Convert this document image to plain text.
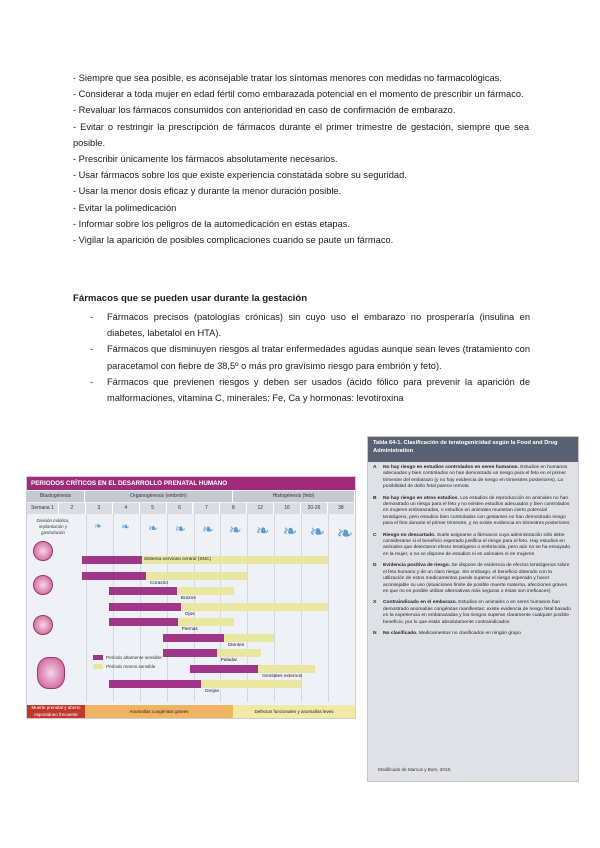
- Siempre que sea posible, es aconsejable tratar los síntomas menores con medidas no farmacológicas.

- Considerar a toda mujer en edad fértil como embarazada potencial en el momento de prescribir un fármaco.

- Revaluar los fármacos consumidos con anterioridad en caso de confirmación de embarazo.

- Evitar o restringir la prescripción de fármacos durante el primer trimestre de gestación, siempre que sea posible.

- Prescribir únicamente los fármacos absolutamente necesarios.

- Usar fármacos sobre los que existe experiencia constatada sobre su seguridad.

- Usar la menor dosis eficaz y durante la menor duración posible.

- Evitar la polimedicación

- Informar sobre los peligros de la automedicación en estas etapas.

- Vigilar la aparición de posibles complicaciones cuando se paute un fármaco.

Fármacos que se pueden usar durante la gestación
- Fármacos precisos (patologías crónicas) sin cuyo uso el embarazo no prosperaría (insulina en diabetes, labetalol en HTA).
- Fármacos que disminuyen riesgos al tratar enfermedades agudas aunque sean leves (tratamiento con paracetamol con fiebre de 38,5º o más pro gravísimo riesgo para embrión y feto).
- Fármacos que previenen riesgos y deben ser usados (ácido fólico para prevenir la aparición de malformaciones, vitamina C, minerales: Fe, Ca y hormonas: levotiroxina
PERIODOS CRÍTICOS EN EL DESARROLLO PRENATAL HUMANO
Blastogénesis	Organogénesis (embrión)	Histogénesis (feto)
Semana 1	2	3	4	5	6	7	8	12	16	20-26	38
División mitótica, implantación y gastrulación
❧ ❧ ❧ ❧ ❧ ❧ ❧ ❧ ❧ ❧
Sistema nervioso central (SNC)
Corazón
Brazos
Ojos
Piernas
Dientes
Paladar
Genitales externos
Orejas
Período altamente sensible
Período menos sensible
Muerte prenatal y aborto espontáneo frecuente	Anomalías congénitas graves	Defectos funcionales y anomalías leves
Tabla 64-1. Clasificación de teratogenicidad según la Food and Drug Administration
A No hay riesgo en estudios controlados en seres humanos. Estudios en humanos adecuados y bien controlados no han demostrado un riesgo para el feto en el primer trimestre del embarazo (y no hay evidencia de riesgo en trimestres posteriores). La posibilidad de daño fetal parece remota
B No hay riesgo en otros estudios. Los estudios de reproducción en animales no han demostrado un riesgo para el feto y no existen estudios adecuados y bien controlados en mujeres embarazadas, o estudios en animales muestran cierto potencial teratógeno, pero estudios bien controlados con gestantes no han demostrado riesgo para el feto durante el primer trimestre, y no existe evidencia en trimestres posteriores
C Riesgo no descartado. Suele asignarse a fármacos cuya administración sólo debe considerarse si el beneficio esperado justifica el riesgo para el feto. Hay estudios en animales que detectaron efecto teratógeno o embriocida, pero aún no se ha ensayado en la mujer, o no se dispone de estudios ni en animales ni en mujeres
D Evidencia positiva de riesgo. Se dispone de evidencia de efectos teratógenos sobre el feto humano y de un claro riesgo. Sin embargo, el beneficio obtenido con la utilización de estos medicamentos puede superar el riesgo esperado y hacer aconsejable su uso (situaciones límite de posible muerte materna, afecciones graves en que no es posible utilizar alternativas más seguras o éstas son ineficaces)
X Contraindicado en el embarazo. Estudios en animales o en seres humanos han demostrado anomalías congénitas manifiestas; existe evidencia de riesgo fetal basado en la experiencia en embarazadas y los riesgos superan claramente cualquier posible beneficio, por lo que están absolutamente contraindicados
N No clasificado. Medicamentos no clasificados en ningún grupo
Modificado de Marcus y Bom, 2018.
